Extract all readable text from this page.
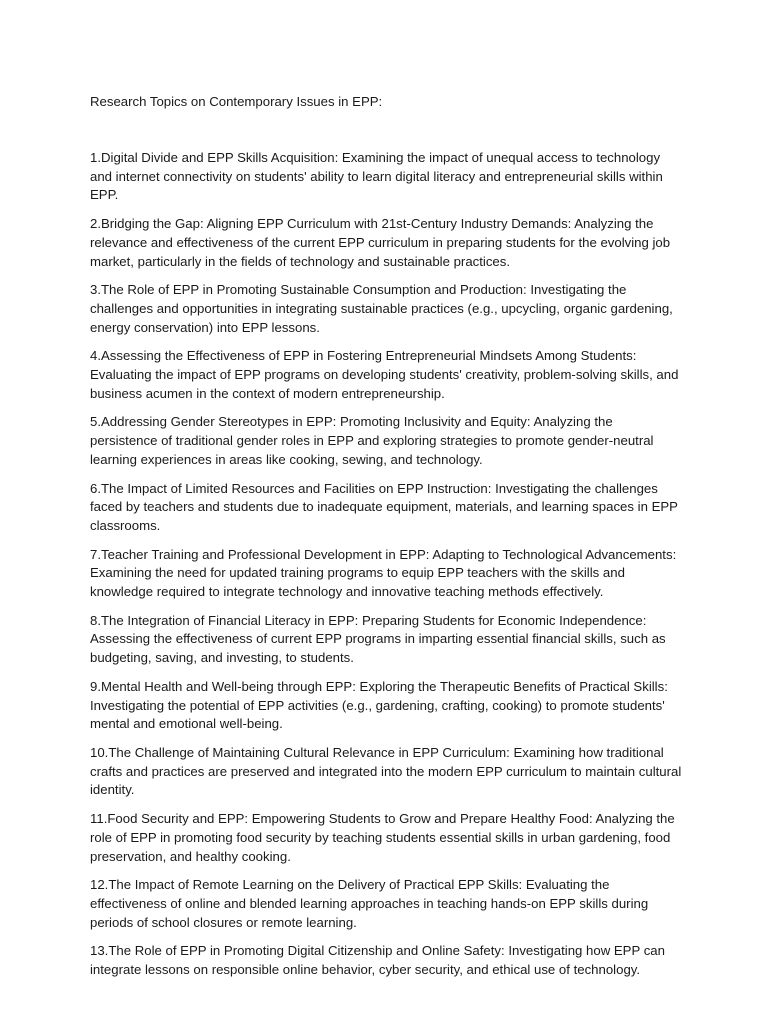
Research Topics on Contemporary Issues in EPP:

1.Digital Divide and EPP Skills Acquisition: Examining the impact of unequal access to technology and internet connectivity on students' ability to learn digital literacy and entrepreneurial skills within EPP.
2.Bridging the Gap: Aligning EPP Curriculum with 21st-Century Industry Demands: Analyzing the relevance and effectiveness of the current EPP curriculum in preparing students for the evolving job market, particularly in the fields of technology and sustainable practices.
3.The Role of EPP in Promoting Sustainable Consumption and Production: Investigating the challenges and opportunities in integrating sustainable practices (e.g., upcycling, organic gardening, energy conservation) into EPP lessons.
4.Assessing the Effectiveness of EPP in Fostering Entrepreneurial Mindsets Among Students: Evaluating the impact of EPP programs on developing students' creativity, problem-solving skills, and business acumen in the context of modern entrepreneurship.
5.Addressing Gender Stereotypes in EPP: Promoting Inclusivity and Equity: Analyzing the persistence of traditional gender roles in EPP and exploring strategies to promote gender-neutral learning experiences in areas like cooking, sewing, and technology.
6.The Impact of Limited Resources and Facilities on EPP Instruction: Investigating the challenges faced by teachers and students due to inadequate equipment, materials, and learning spaces in EPP classrooms.
7.Teacher Training and Professional Development in EPP: Adapting to Technological Advancements: Examining the need for updated training programs to equip EPP teachers with the skills and knowledge required to integrate technology and innovative teaching methods effectively.
8.The Integration of Financial Literacy in EPP: Preparing Students for Economic Independence: Assessing the effectiveness of current EPP programs in imparting essential financial skills, such as budgeting, saving, and investing, to students.
9.Mental Health and Well-being through EPP: Exploring the Therapeutic Benefits of Practical Skills: Investigating the potential of EPP activities (e.g., gardening, crafting, cooking) to promote students' mental and emotional well-being.
10.The Challenge of Maintaining Cultural Relevance in EPP Curriculum: Examining how traditional crafts and practices are preserved and integrated into the modern EPP curriculum to maintain cultural identity.
11.Food Security and EPP: Empowering Students to Grow and Prepare Healthy Food: Analyzing the role of EPP in promoting food security by teaching students essential skills in urban gardening, food preservation, and healthy cooking.
12.The Impact of Remote Learning on the Delivery of Practical EPP Skills: Evaluating the effectiveness of online and blended learning approaches in teaching hands-on EPP skills during periods of school closures or remote learning.
13.The Role of EPP in Promoting Digital Citizenship and Online Safety: Investigating how EPP can integrate lessons on responsible online behavior, cyber security, and ethical use of technology.
